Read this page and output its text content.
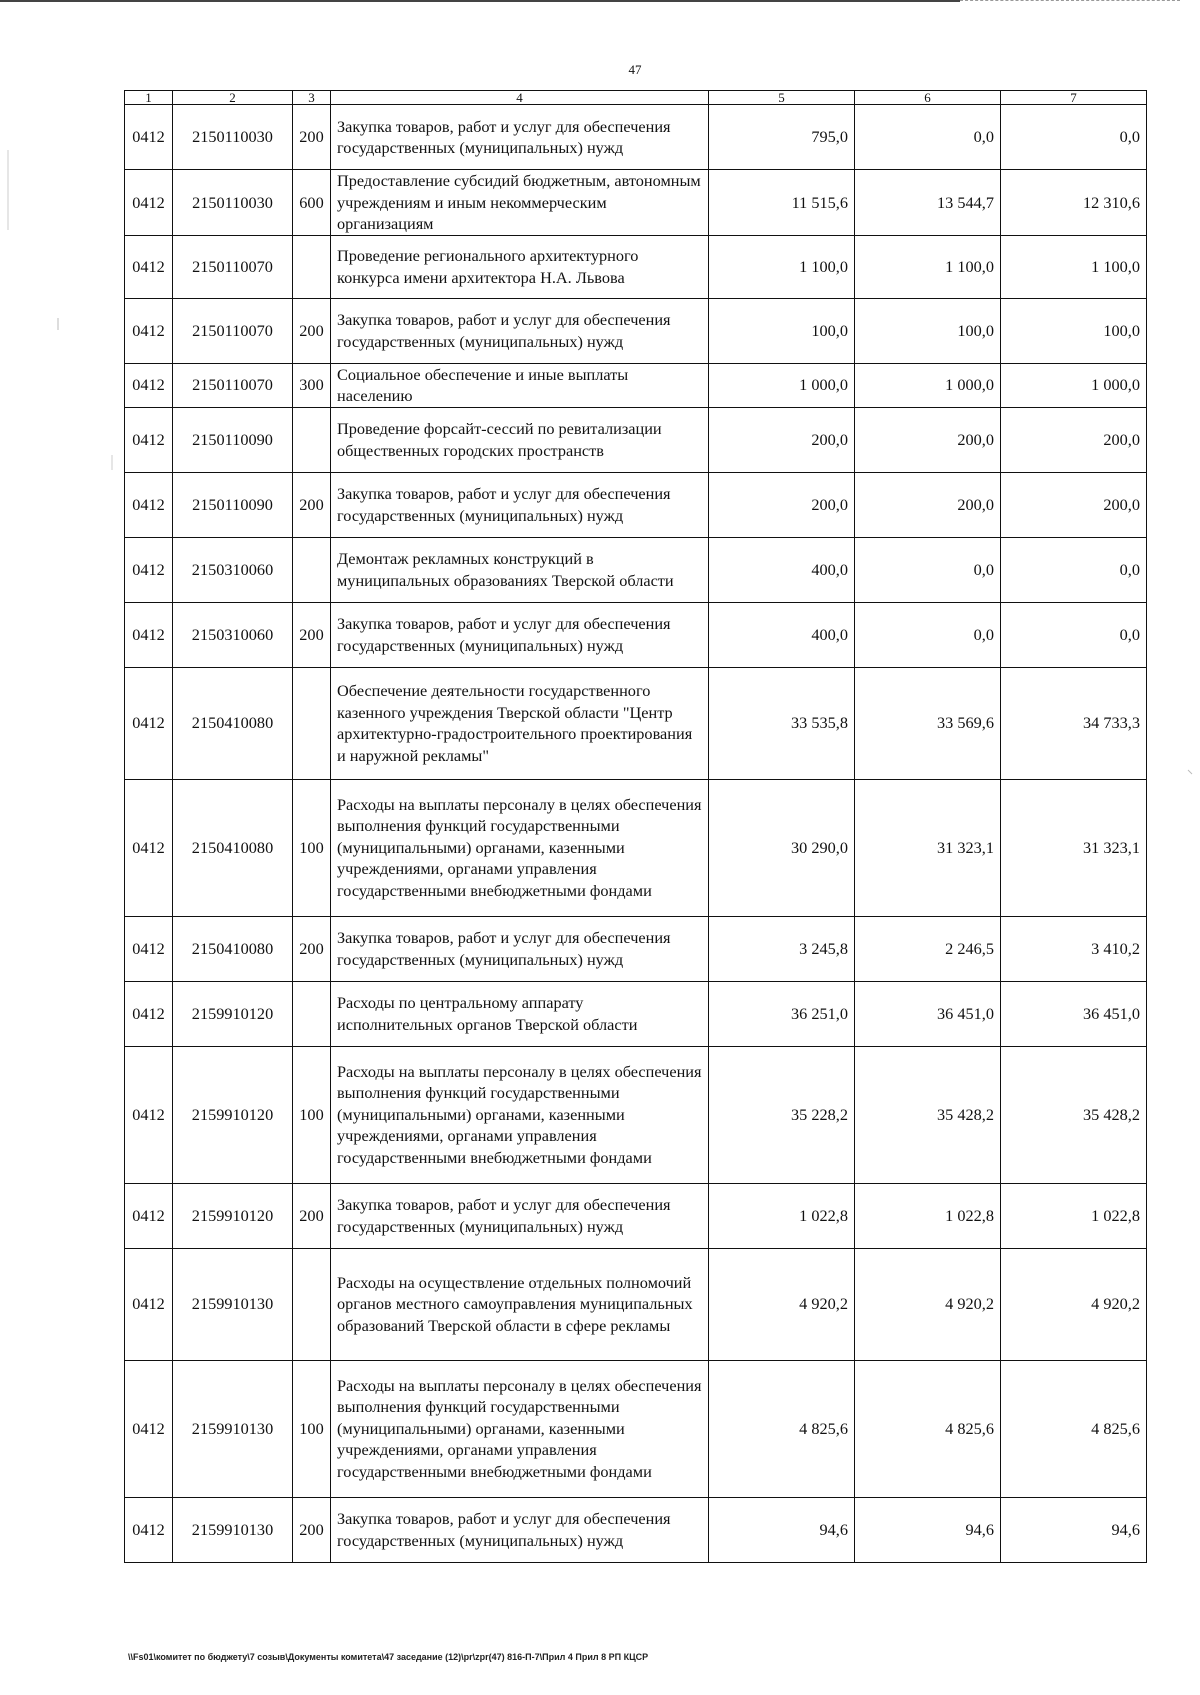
47
1	2	3	4	5	6	7
0412	2150110030	200	Закупка товаров, работ и услуг для обеспечения государственных (муниципальных) нужд	795,0	0,0	0,0
0412	2150110030	600	Предоставление субсидий бюджетным, автономным учреждениям и иным некоммерческим организациям	11 515,6	13 544,7	12 310,6
0412	2150110070		Проведение регионального архитектурного конкурса имени архитектора Н.А. Львова	1 100,0	1 100,0	1 100,0
0412	2150110070	200	Закупка товаров, работ и услуг для обеспечения государственных (муниципальных) нужд	100,0	100,0	100,0
0412	2150110070	300	Социальное обеспечение и иные выплаты населению	1 000,0	1 000,0	1 000,0
0412	2150110090		Проведение форсайт-сессий по ревитализации общественных городских пространств	200,0	200,0	200,0
0412	2150110090	200	Закупка товаров, работ и услуг для обеспечения государственных (муниципальных) нужд	200,0	200,0	200,0
0412	2150310060		Демонтаж рекламных конструкций в муниципальных образованиях Тверской области	400,0	0,0	0,0
0412	2150310060	200	Закупка товаров, работ и услуг для обеспечения государственных (муниципальных) нужд	400,0	0,0	0,0
0412	2150410080		Обеспечение деятельности государственного казенного учреждения Тверской области "Центр архитектурно-градостроительного проектирования и наружной рекламы"	33 535,8	33 569,6	34 733,3
0412	2150410080	100	Расходы на выплаты персоналу в целях обеспечения выполнения функций государственными (муниципальными) органами, казенными учреждениями, органами управления государственными внебюджетными фондами	30 290,0	31 323,1	31 323,1
0412	2150410080	200	Закупка товаров, работ и услуг для обеспечения государственных (муниципальных) нужд	3 245,8	2 246,5	3 410,2
0412	2159910120		Расходы по центральному аппарату исполнительных органов Тверской области	36 251,0	36 451,0	36 451,0
0412	2159910120	100	Расходы на выплаты персоналу в целях обеспечения выполнения функций государственными (муниципальными) органами, казенными учреждениями, органами управления государственными внебюджетными фондами	35 228,2	35 428,2	35 428,2
0412	2159910120	200	Закупка товаров, работ и услуг для обеспечения государственных (муниципальных) нужд	1 022,8	1 022,8	1 022,8
0412	2159910130		Расходы на осуществление отдельных полномочий органов местного самоуправления муниципальных образований Тверской области в сфере рекламы	4 920,2	4 920,2	4 920,2
0412	2159910130	100	Расходы на выплаты персоналу в целях обеспечения выполнения функций государственными (муниципальными) органами, казенными учреждениями, органами управления государственными внебюджетными фондами	4 825,6	4 825,6	4 825,6
0412	2159910130	200	Закупка товаров, работ и услуг для обеспечения государственных (муниципальных) нужд	94,6	94,6	94,6
\\Fs01\комитет по бюджету\7 созыв\Документы комитета\47 заседание (12)\pr\zpr(47) 816-П-7\Прил 4 Прил 8 РП КЦСР
